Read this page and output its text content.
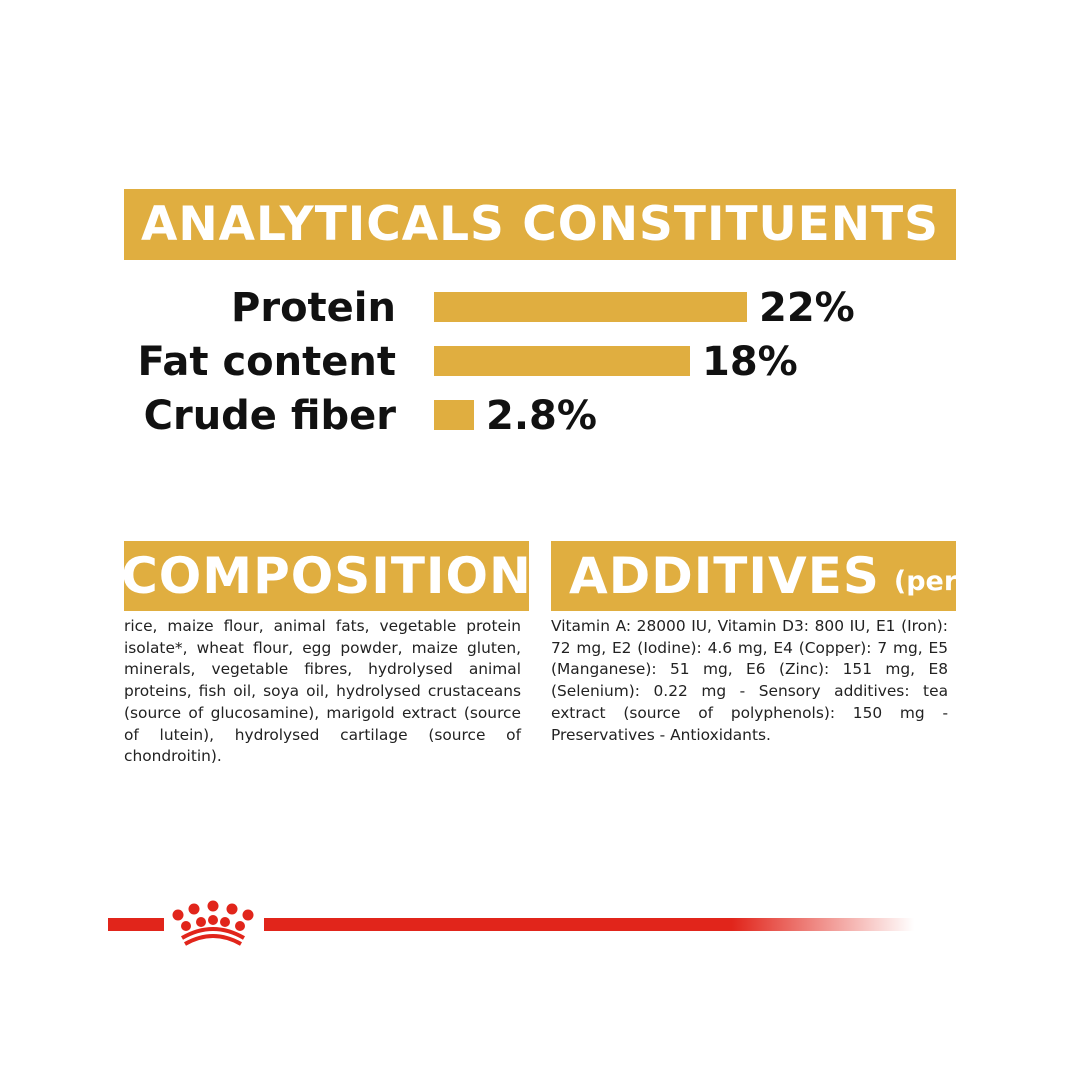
ANALYTICALS CONSTITUENTS
Protein	22%
Fat content	18%
Crude fiber 2.8%
COMPOSITION

rice, maize flour, animal fats, vegetable protein isolate*, wheat flour, egg powder, maize gluten, minerals, vegetable fibres, hydrolysed animal proteins, fish oil, soya oil, hydrolysed crustaceans (source of glucosamine), marigold extract (source of lutein), hydrolysed cartilage (source of chondroitin).

ADDITIVES (per kg)

Vitamin A: 28000 IU, Vitamin D3: 800 IU, E1 (Iron): 72 mg, E2 (Iodine): 4.6 mg, E4 (Copper): 7 mg, E5 (Manganese): 51 mg, E6 (Zinc): 151 mg, E8 (Selenium): 0.22 mg - Sensory additives: tea extract (source of polyphenols): 150 mg - Preservatives - Antioxidants.
